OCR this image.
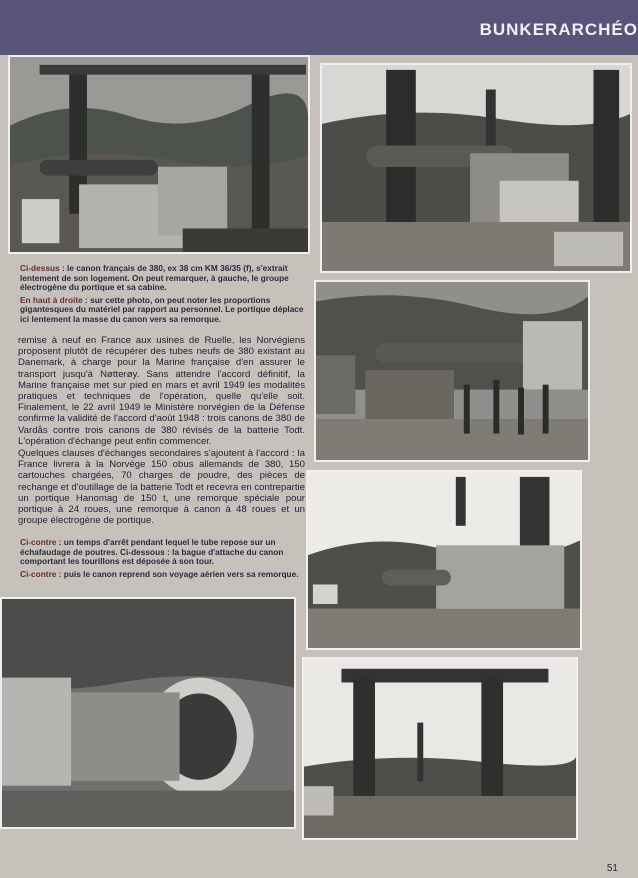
BUNKERARCHÉO

Ci-dessus : le canon français de 380, ex 38 cm KM 36/35 (f), s'extrait lentement de son logement. On peut remarquer, à gauche, le groupe électrogène du portique et sa cabine.

En haut à droite : sur cette photo, on peut noter les proportions gigantesques du matériel par rapport au personnel. Le portique déplace ici lentement la masse du canon vers sa remorque.

remise à neuf en France aux usines de Ruelle, les Norvégiens proposent plutôt de récupérer des tubes neufs de 380 existant au Danemark, à charge pour la Marine française d'en assurer le transport jusqu'à Nøtterøy. Sans attendre l'accord définitif, la Marine française met sur pied en mars et avril 1949 les modalités pratiques et techniques de l'opération, quelle qu'elle soit. Finalement, le 22 avril 1949 le Ministère norvégien de la Défense confirme la validité de l'accord d'août 1948 : trois canons de 380 de Vardås contre trois canons de 380 révisés de la batterie Todt. L'opération d'échange peut enfin commencer.

Quelques clauses d'échanges secondaires s'ajoutent à l'accord : la France livrera à la Norvège 150 obus allemands de 380, 150 cartouches chargées, 70 charges de poudre, des pièces de rechange et d'outillage de la batterie Todt et recevra en contrepartie un portique Hanomag de 150 t, une remorque spéciale pour portique à 24 roues, une remorque à canon à 48 roues et un groupe électrogène de portique.

Ci-contre : un temps d'arrêt pendant lequel le tube repose sur un échafaudage de poutres. Ci-dessous : la bague d'attache du canon comportant les tourillons est déposée à son tour.

Ci-contre : puis le canon reprend son voyage aérien vers sa remorque.

51
